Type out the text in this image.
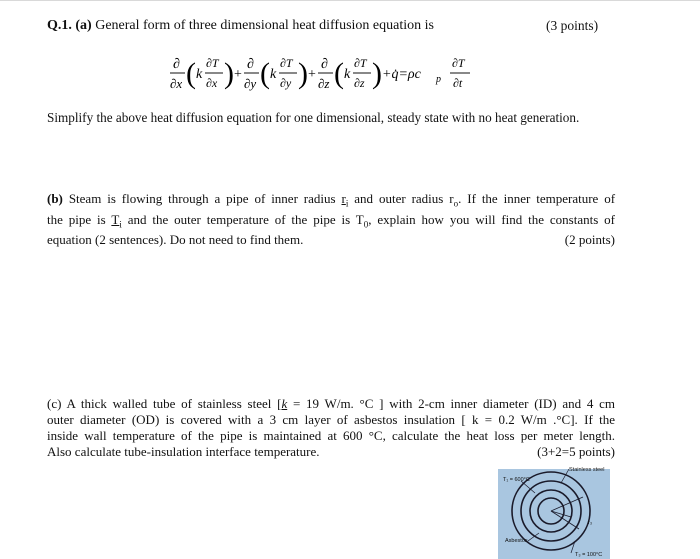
Q.1. (a) General form of three dimensional heat diffusion equation is	(3 points)
∂
∂x ( k
∂T
∂x ) +
∂
∂y ( k
∂T
∂y ) +
∂
∂z ( k
∂T
∂z ) +q̇=ρc p
∂T
∂t
Simplify the above heat diffusion equation for one dimensional, steady state with no heat generation.
(b) Steam is flowing through a pipe of inner radius $r_i$ and outer radius $r_o$. If the inner temperature of
the pipe is $T_i$ and the outer temperature of the pipe is $T_0$, explain how you will find the constants of
equation (2 sentences). Do not need to find them.	(2 points)
(c) A thick walled tube of stainless steel [k = 19 W/m. °C ] with 2-cm inner diameter (ID) and 4 cm
outer diameter (OD) is covered with a 3 cm layer of asbestos insulation [ k = 0.2 W/m .°C]. If the
inside wall temperature of the pipe is maintained at 600 °C, calculate the heat loss per meter length.
Also calculate tube-insulation interface temperature.	(3+2=5 points)
Stainless steel
T₁ = 600°C
r₃
Asbestos
T₃ = 100°C
